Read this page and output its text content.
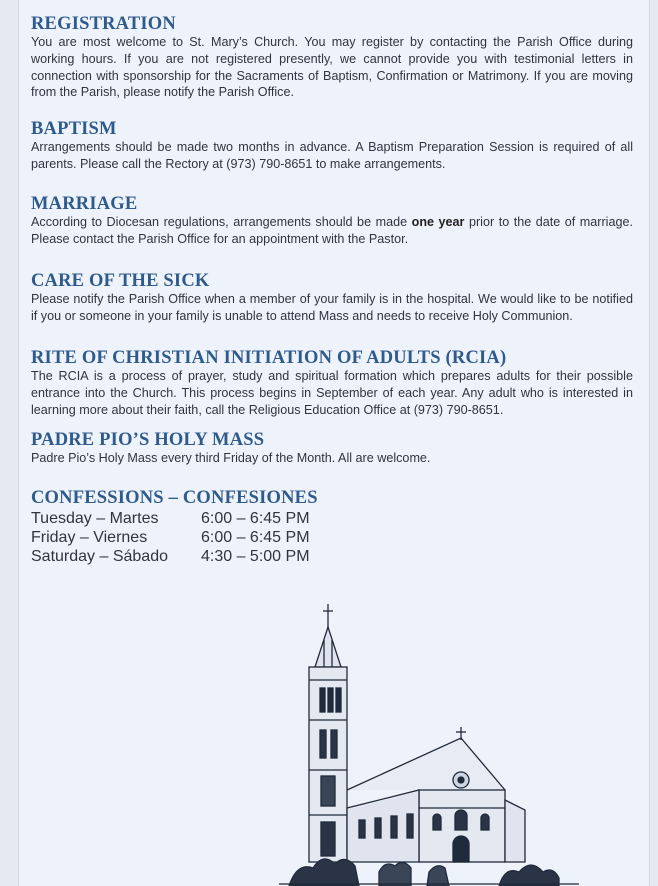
REGISTRATION

You are most welcome to St. Mary’s Church. You may register by contacting the Parish Office during working hours. If you are not registered presently, we cannot provide you with testimonial letters in connection with sponsorship for the Sacraments of Baptism, Confirmation or Matrimony. If you are moving from the Parish, please notify the Parish Office.

BAPTISM

Arrangements should be made two months in advance. A Baptism Preparation Session is required of all parents. Please call the Rectory at (973) 790-8651 to make arrangements.

MARRIAGE

According to Diocesan regulations, arrangements should be made one year prior to the date of marriage. Please contact the Parish Office for an appointment with the Pastor.

CARE OF THE SICK

Please notify the Parish Office when a member of your family is in the hospital. We would like to be notified if you or someone in your family is unable to attend Mass and needs to receive Holy Communion.

RITE OF CHRISTIAN INITIATION OF ADULTS (RCIA)

The RCIA is a process of prayer, study and spiritual formation which prepares adults for their possible entrance into the Church. This process begins in September of each year. Any adult who is interested in learning more about their faith, call the Religious Education Office at (973) 790-8651.

PADRE PIO’S HOLY MASS

Padre Pio’s Holy Mass every third Friday of the Month. All are welcome.

CONFESSIONS – CONFESIONES
Tuesday – Martes	6:00 – 6:45 PM
Friday – Viernes	6:00 – 6:45 PM
Saturday – Sábado	4:30 – 5:00 PM
